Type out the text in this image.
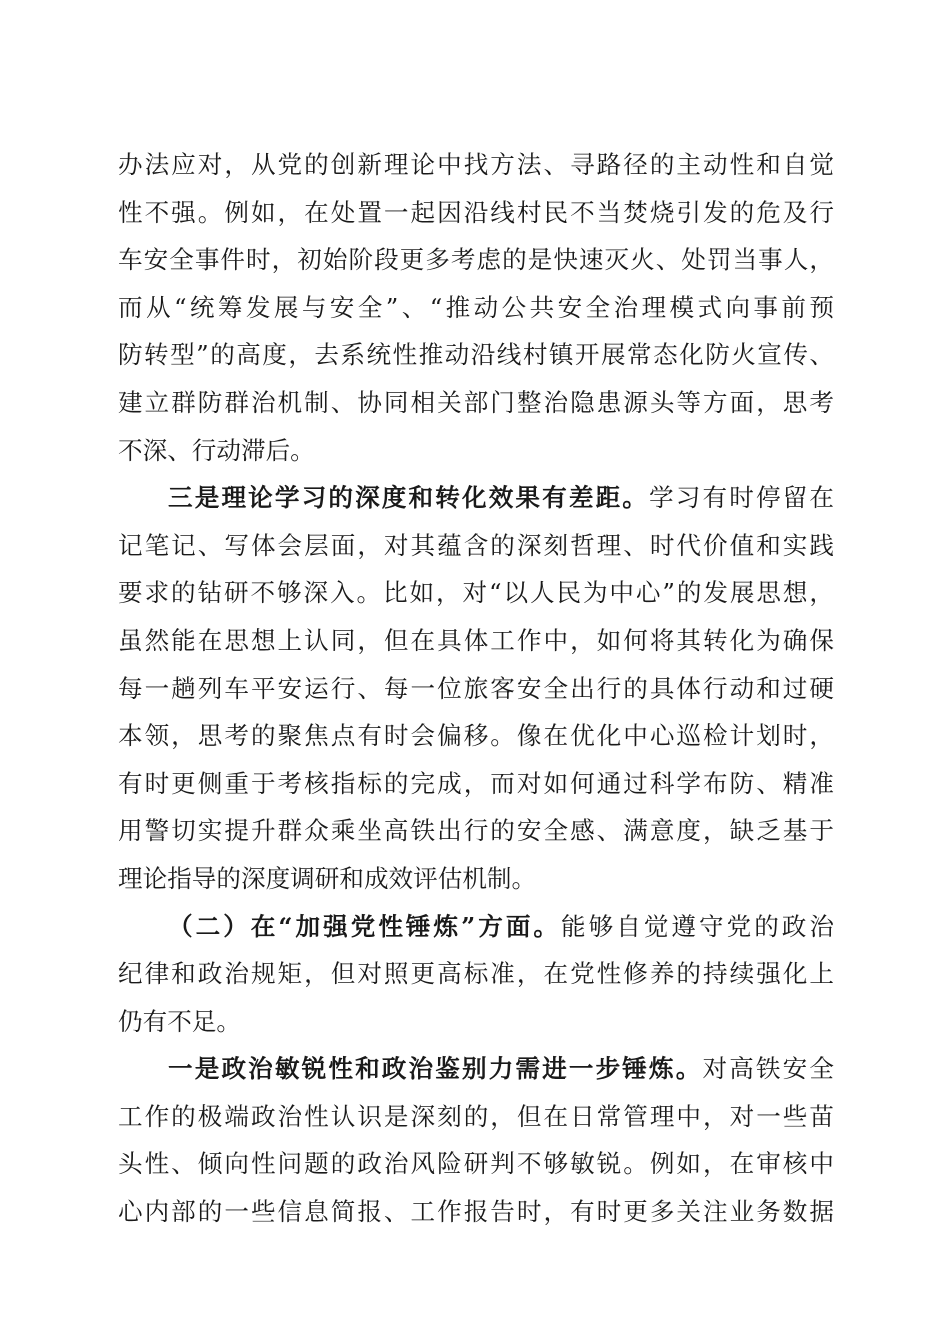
办法应对，从党的创新理论中找方法、寻路径的主动性和自觉
性不强。例如，在处置一起因沿线村民不当焚烧引发的危及行
车安全事件时，初始阶段更多考虑的是快速灭火、处罚当事人，
而从“统筹发展与安全”、“推动公共安全治理模式向事前预
防转型”的高度，去系统性推动沿线村镇开展常态化防火宣传、
建立群防群治机制、协同相关部门整治隐患源头等方面，思考
不深、行动滞后。
三是理论学习的深度和转化效果有差距。学习有时停留在
记笔记、写体会层面，对其蕴含的深刻哲理、时代价值和实践
要求的钻研不够深入。比如，对“以人民为中心”的发展思想，
虽然能在思想上认同，但在具体工作中，如何将其转化为确保
每一趟列车平安运行、每一位旅客安全出行的具体行动和过硬
本领，思考的聚焦点有时会偏移。像在优化中心巡检计划时，
有时更侧重于考核指标的完成，而对如何通过科学布防、精准
用警切实提升群众乘坐高铁出行的安全感、满意度，缺乏基于
理论指导的深度调研和成效评估机制。
（二）在“加强党性锤炼”方面。能够自觉遵守党的政治
纪律和政治规矩，但对照更高标准，在党性修养的持续强化上
仍有不足。
一是政治敏锐性和政治鉴别力需进一步锤炼。对高铁安全
工作的极端政治性认识是深刻的，但在日常管理中，对一些苗
头性、倾向性问题的政治风险研判不够敏锐。例如，在审核中
心内部的一些信息简报、工作报告时，有时更多关注业务数据
